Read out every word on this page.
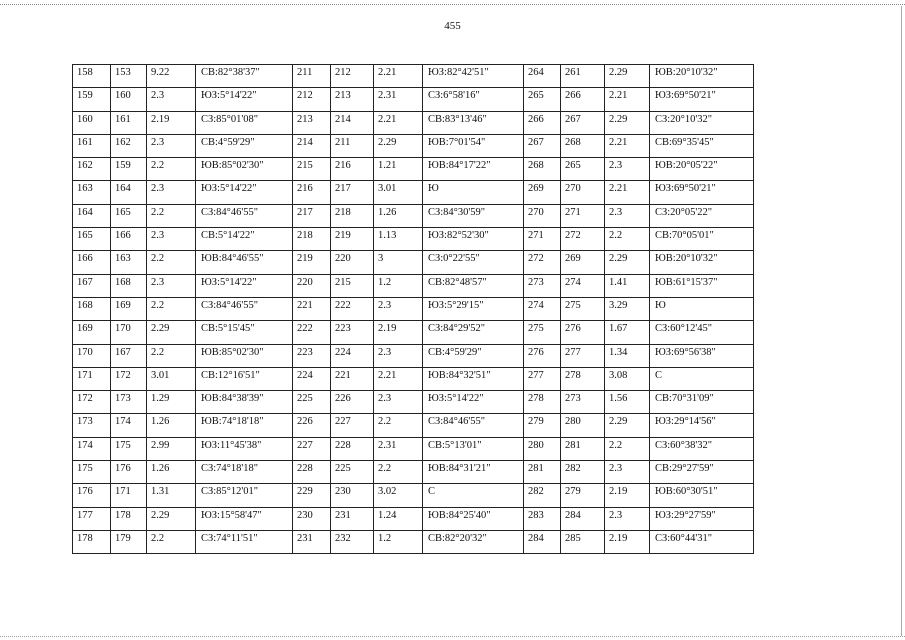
455
158	153	9.22	СВ:82°38'37"	211	212	2.21	ЮЗ:82°42'51"	264	261	2.29	ЮВ:20°10'32"
159	160	2.3	ЮЗ:5°14'22"	212	213	2.31	СЗ:6°58'16"	265	266	2.21	ЮЗ:69°50'21"
160	161	2.19	СЗ:85°01'08"	213	214	2.21	СВ:83°13'46"	266	267	2.29	СЗ:20°10'32"
161	162	2.3	СВ:4°59'29"	214	211	2.29	ЮВ:7°01'54"	267	268	2.21	СВ:69°35'45"
162	159	2.2	ЮВ:85°02'30"	215	216	1.21	ЮВ:84°17'22"	268	265	2.3	ЮВ:20°05'22"
163	164	2.3	ЮЗ:5°14'22"	216	217	3.01	Ю	269	270	2.21	ЮЗ:69°50'21"
164	165	2.2	СЗ:84°46'55"	217	218	1.26	СЗ:84°30'59"	270	271	2.3	СЗ:20°05'22"
165	166	2.3	СВ:5°14'22"	218	219	1.13	ЮЗ:82°52'30"	271	272	2.2	СВ:70°05'01"
166	163	2.2	ЮВ:84°46'55"	219	220	3	СЗ:0°22'55"	272	269	2.29	ЮВ:20°10'32"
167	168	2.3	ЮЗ:5°14'22"	220	215	1.2	СВ:82°48'57"	273	274	1.41	ЮВ:61°15'37"
168	169	2.2	СЗ:84°46'55"	221	222	2.3	ЮЗ:5°29'15"	274	275	3.29	Ю
169	170	2.29	СВ:5°15'45"	222	223	2.19	СЗ:84°29'52"	275	276	1.67	СЗ:60°12'45"
170	167	2.2	ЮВ:85°02'30"	223	224	2.3	СВ:4°59'29"	276	277	1.34	ЮЗ:69°56'38"
171	172	3.01	СВ:12°16'51"	224	221	2.21	ЮВ:84°32'51"	277	278	3.08	С
172	173	1.29	ЮВ:84°38'39"	225	226	2.3	ЮЗ:5°14'22"	278	273	1.56	СВ:70°31'09"
173	174	1.26	ЮВ:74°18'18"	226	227	2.2	СЗ:84°46'55"	279	280	2.29	ЮЗ:29°14'56"
174	175	2.99	ЮЗ:11°45'38"	227	228	2.31	СВ:5°13'01"	280	281	2.2	СЗ:60°38'32"
175	176	1.26	СЗ:74°18'18"	228	225	2.2	ЮВ:84°31'21"	281	282	2.3	СВ:29°27'59"
176	171	1.31	СЗ:85°12'01"	229	230	3.02	С	282	279	2.19	ЮВ:60°30'51"
177	178	2.29	ЮЗ:15°58'47"	230	231	1.24	ЮВ:84°25'40"	283	284	2.3	ЮЗ:29°27'59"
178	179	2.2	СЗ:74°11'51"	231	232	1.2	СВ:82°20'32"	284	285	2.19	СЗ:60°44'31"
